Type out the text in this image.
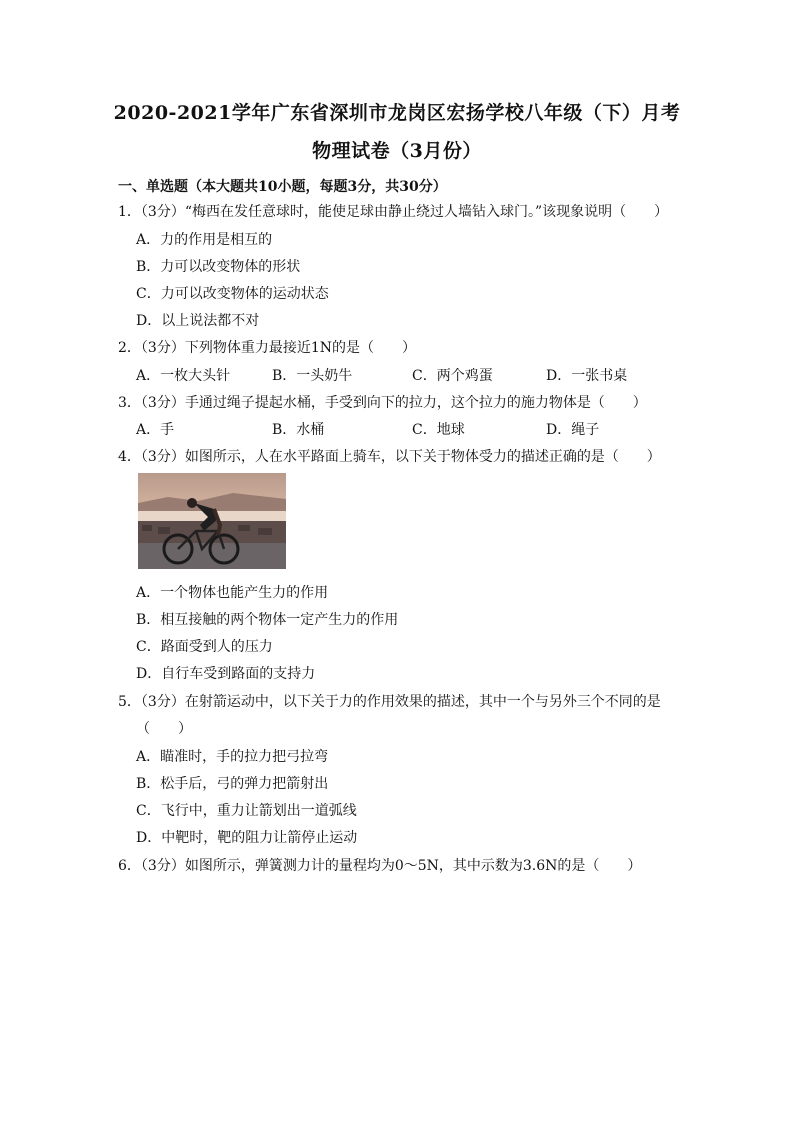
2020-2021学年广东省深圳市龙岗区宏扬学校八年级（下）月考
物理试卷（3月份）
一、单选题（本大题共10小题，每题3分，共30分）
1．（3分）“梅西在发任意球时，能使足球由静止绕过人墙钻入球门。”该现象说明（　　）
A．力的作用是相互的
B．力可以改变物体的形状
C．力可以改变物体的运动状态
D．以上说法都不对
2．（3分）下列物体重力最接近1N的是（　　）
A．一枚大头针	B．一头奶牛	C．两个鸡蛋	D．一张书桌
3．（3分）手通过绳子提起水桶，手受到向下的拉力，这个拉力的施力物体是（　　）
A．手	B．水桶	C．地球	D．绳子
4．（3分）如图所示，人在水平路面上骑车，以下关于物体受力的描述正确的是（　　）
A．一个物体也能产生力的作用
B．相互接触的两个物体一定产生力的作用
C．路面受到人的压力
D．自行车受到路面的支持力
5．（3分）在射箭运动中，以下关于力的作用效果的描述，其中一个与另外三个不同的是
（　　）
A．瞄准时，手的拉力把弓拉弯
B．松手后，弓的弹力把箭射出
C．飞行中，重力让箭划出一道弧线
D．中靶时，靶的阻力让箭停止运动
6．（3分）如图所示，弹簧测力计的量程均为0～5N，其中示数为3.6N的是（　　）
